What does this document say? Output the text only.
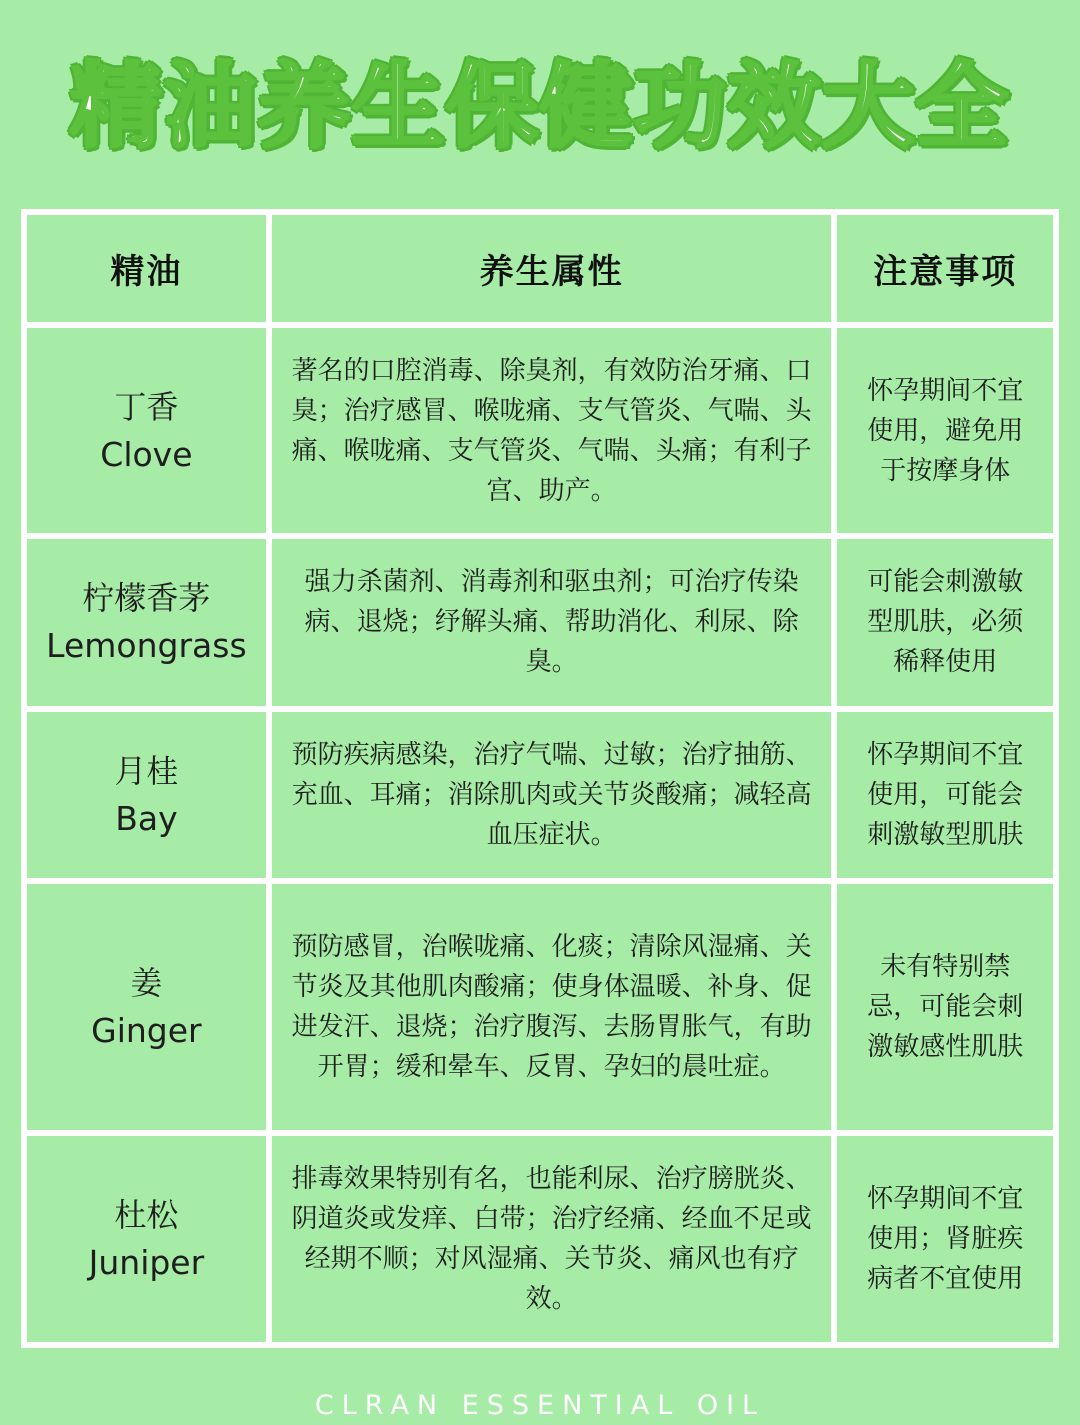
精油养生保健功效大全
精油	养生属性	注意事项

丁香
Clove	著名的口腔消毒、除臭剂，有效防治牙痛、口臭；治疗感冒、喉咙痛、支气管炎、气喘、头痛、喉咙痛、支气管炎、气喘、头痛；有利子宫、助产。	怀孕期间不宜使用，避免用于按摩身体

柠檬香茅
Lemongrass	强力杀菌剂、消毒剂和驱虫剂；可治疗传染病、退烧；纾解头痛、帮助消化、利尿、除臭。	可能会刺激敏型肌肤，必须稀释使用

月桂
Bay	预防疾病感染，治疗气喘、过敏；治疗抽筋、充血、耳痛；消除肌肉或关节炎酸痛；减轻高血压症状。	怀孕期间不宜使用，可能会刺激敏型肌肤

姜
Ginger	预防感冒，治喉咙痛、化痰；清除风湿痛、关节炎及其他肌肉酸痛；使身体温暖、补身、促进发汗、退烧；治疗腹泻、去肠胃胀气，有助开胃；缓和晕车、反胃、孕妇的晨吐症。	未有特别禁忌，可能会刺激敏感性肌肤

杜松
Juniper	排毒效果特别有名，也能利尿、治疗膀胱炎、阴道炎或发痒、白带；治疗经痛、经血不足或经期不顺；对风湿痛、关节炎、痛风也有疗效。	怀孕期间不宜使用；肾脏疾病者不宜使用
CLRAN ESSENTIAL OIL
